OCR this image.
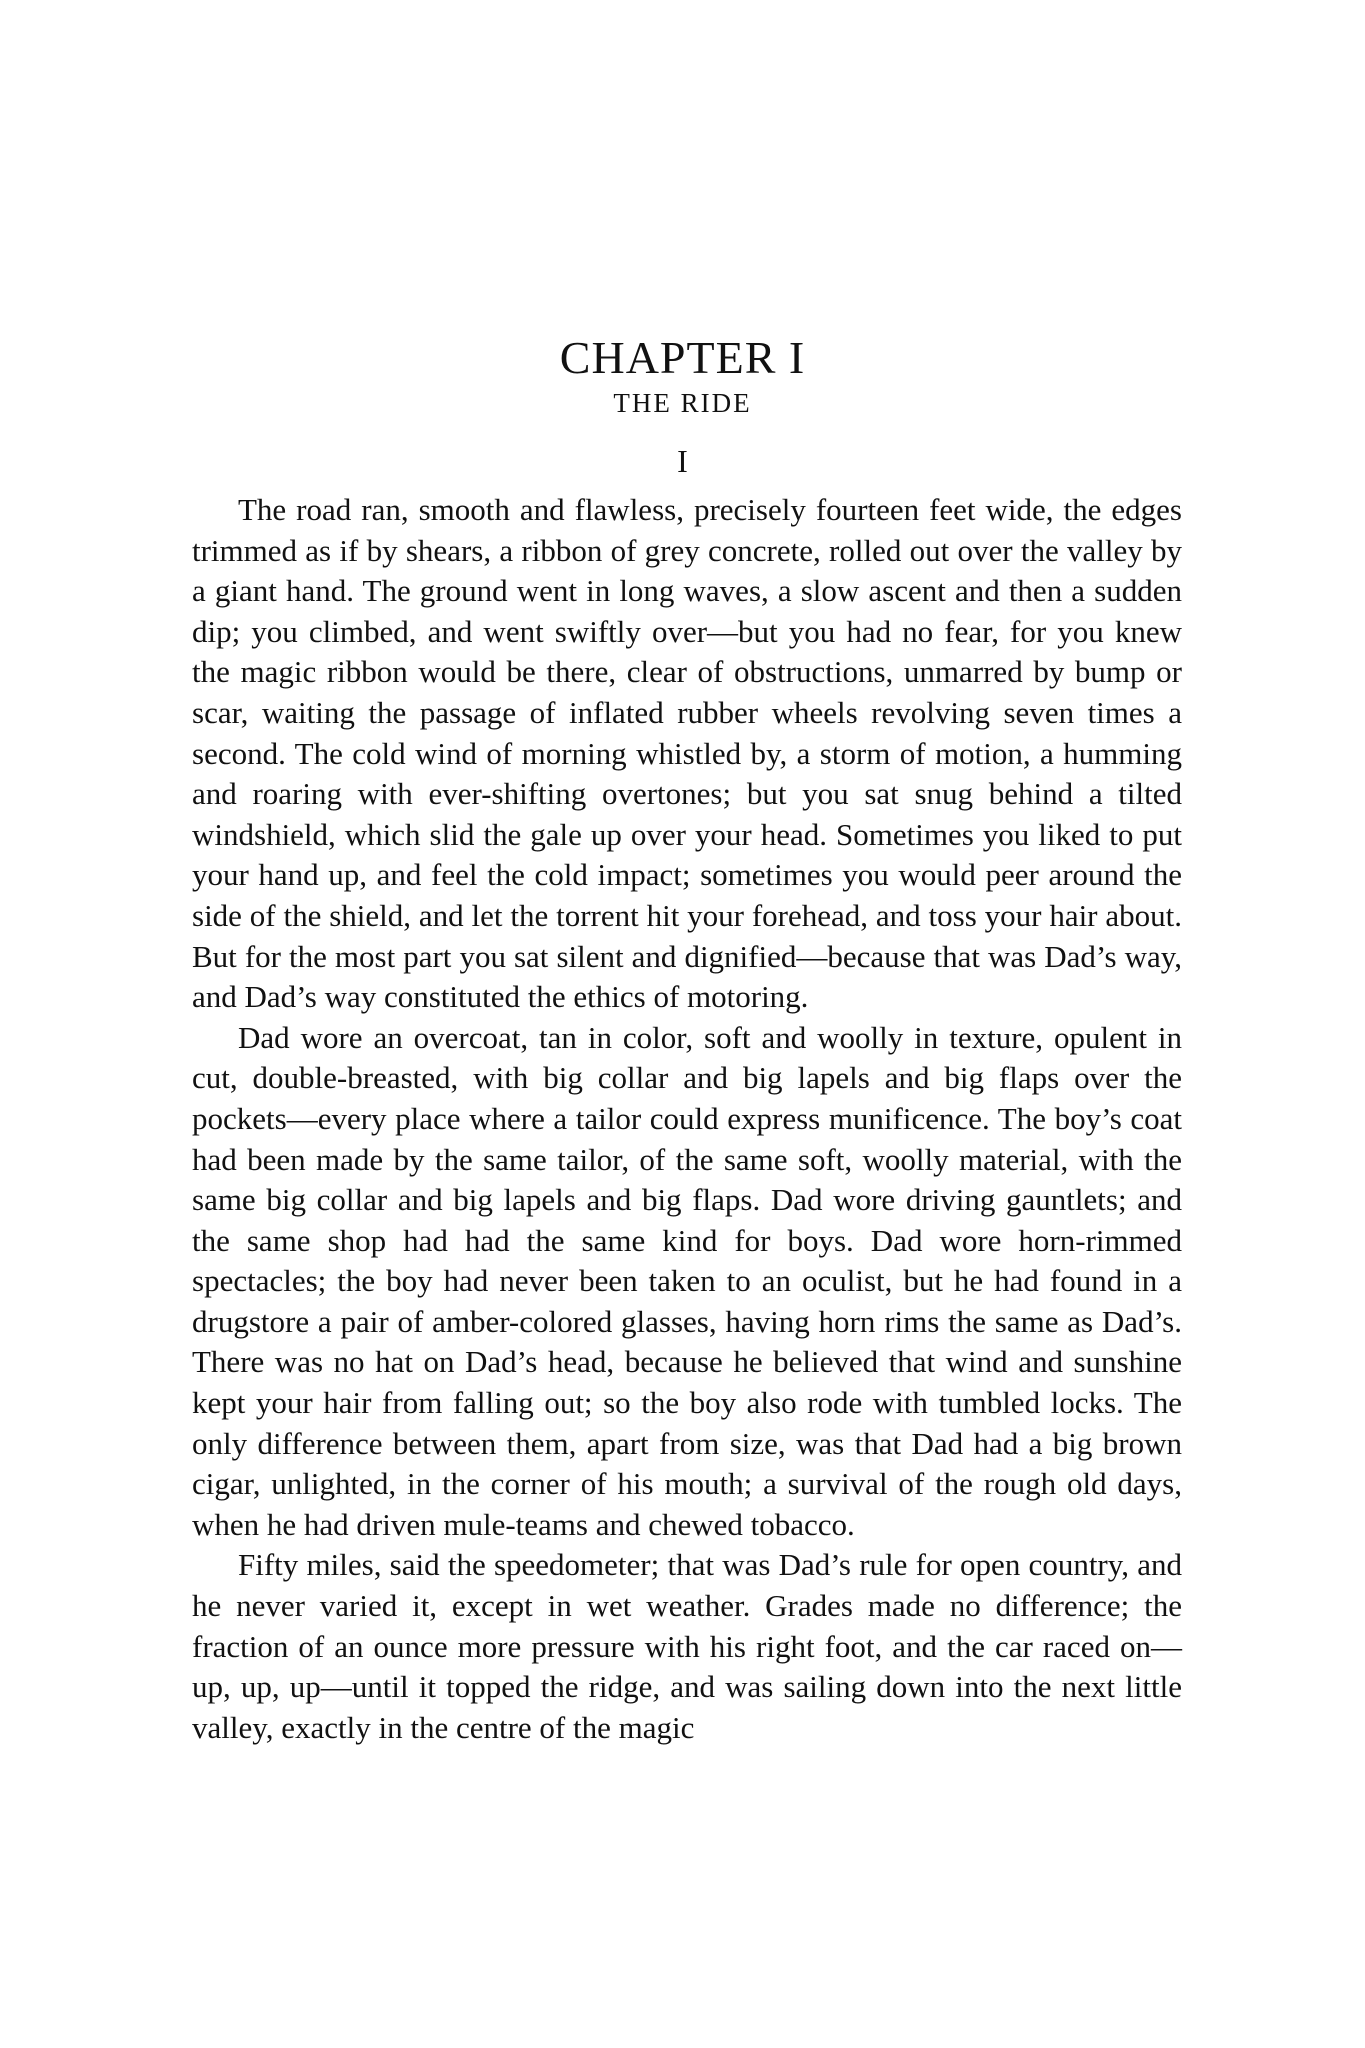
CHAPTER I
THE RIDE
I

The road ran, smooth and flawless, precisely fourteen feet wide, the edges trimmed as if by shears, a ribbon of grey concrete, rolled out over the valley by a giant hand. The ground went in long waves, a slow ascent and then a sudden dip; you climbed, and went swiftly over—but you had no fear, for you knew the magic ribbon would be there, clear of obstructions, unmarred by bump or scar, waiting the passage of inflated rubber wheels revolving seven times a second. The cold wind of morning whistled by, a storm of motion, a humming and roaring with ever-shifting overtones; but you sat snug behind a tilted windshield, which slid the gale up over your head. Sometimes you liked to put your hand up, and feel the cold impact; sometimes you would peer around the side of the shield, and let the torrent hit your forehead, and toss your hair about. But for the most part you sat silent and dignified—because that was Dad’s way, and Dad’s way constituted the ethics of motoring.

Dad wore an overcoat, tan in color, soft and woolly in texture, opulent in cut, double-breasted, with big collar and big lapels and big flaps over the pockets—every place where a tailor could express munificence. The boy’s coat had been made by the same tailor, of the same soft, woolly material, with the same big collar and big lapels and big flaps. Dad wore driving gauntlets; and the same shop had had the same kind for boys. Dad wore horn-rimmed spectacles; the boy had never been taken to an oculist, but he had found in a drugstore a pair of amber-colored glasses, having horn rims the same as Dad’s. There was no hat on Dad’s head, because he believed that wind and sunshine kept your hair from falling out; so the boy also rode with tumbled locks. The only difference between them, apart from size, was that Dad had a big brown cigar, unlighted, in the corner of his mouth; a survival of the rough old days, when he had driven mule-teams and chewed tobacco.

Fifty miles, said the speedometer; that was Dad’s rule for open country, and he never varied it, except in wet weather. Grades made no difference; the fraction of an ounce more pressure with his right foot, and the car raced on—up, up, up—until it topped the ridge, and was sailing down into the next little valley, exactly in the centre of the magic
